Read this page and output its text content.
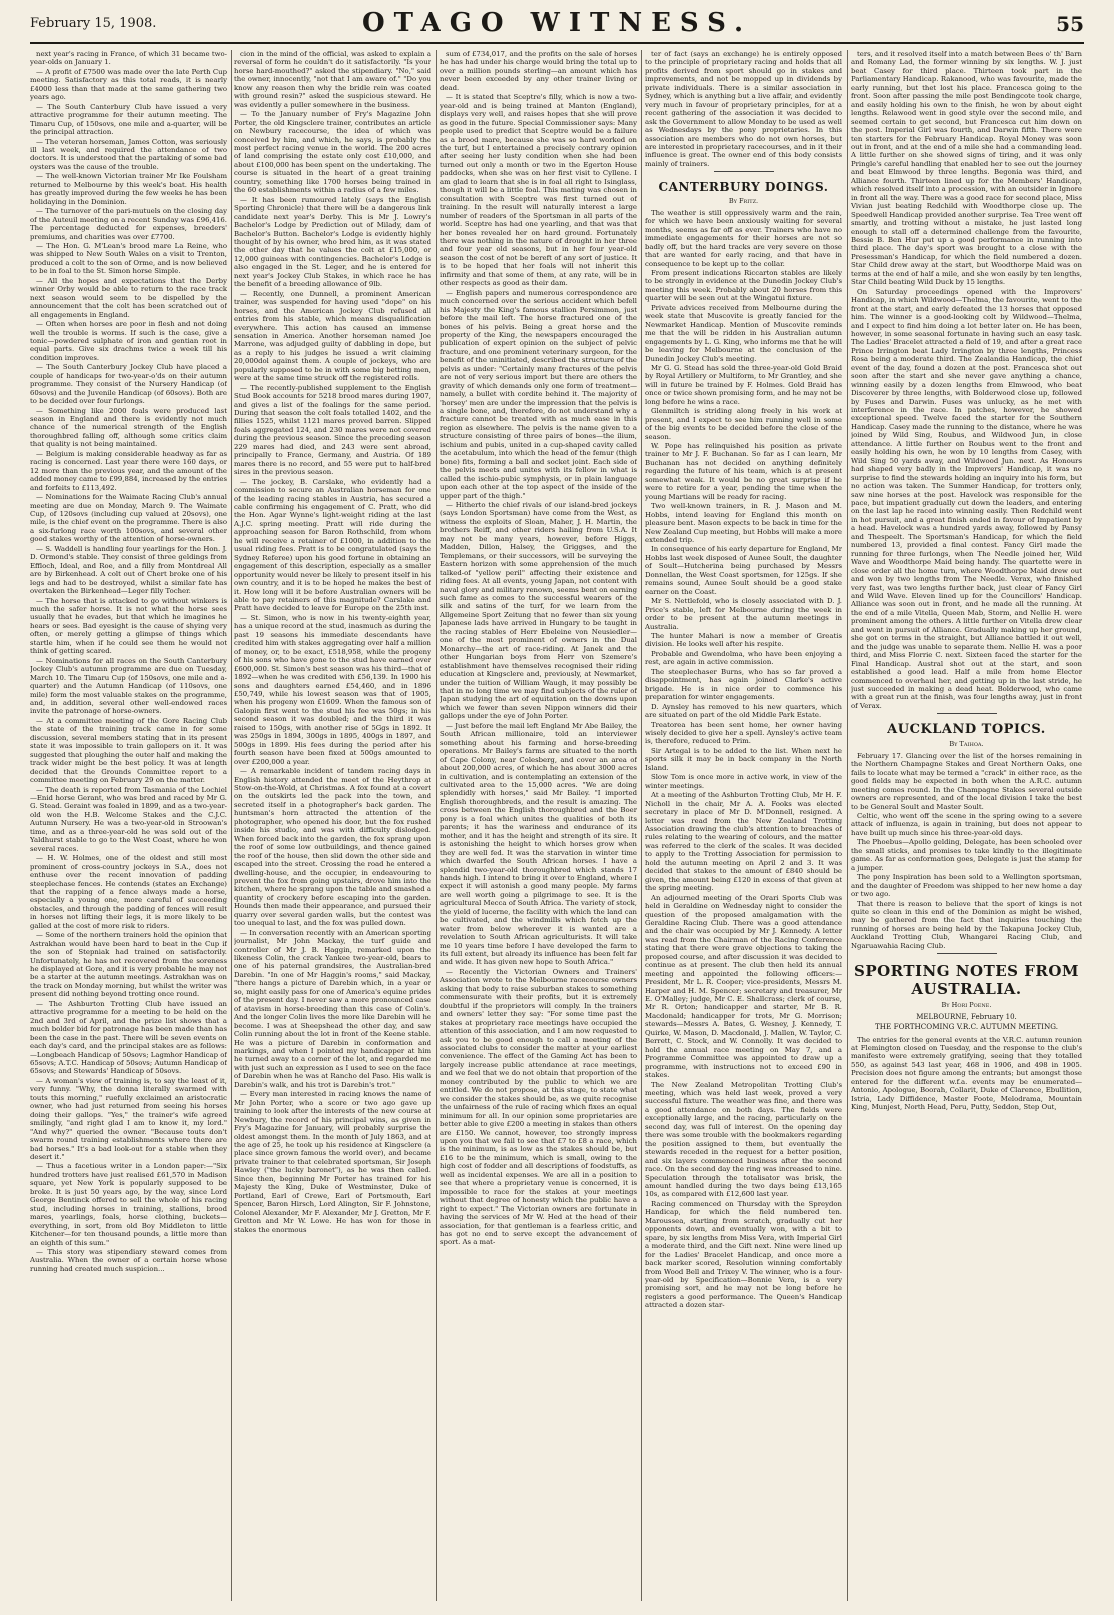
February 15, 1908.	OTAGO WITNESS.	55

next year's racing in France, of which 31 became two-year-olds on January 1.

— A profit of £7500 was made over the late Perth Cup meeting. Satisfactory as this total reads, it is nearly £4000 less than that made at the same gathering two years ago.

— The South Canterbury Club have issued a very attractive programme for their autumn meeting. The Timaru Cup, of 150sovs, one mile and a-quarter, will be the principal attraction.

— The veteran horseman, James Cotton, was seriously ill last week, and required the attendance of two doctors. It is understood that the partaking of some bad oysters was the cause of the trouble.

— The well-known Victorian trainer Mr Ike Foulsham returned to Melbourne by this week's boat. His health has greatly improved during the few weeks he has been holidaying in the Dominion.

— The turnover of the pari-mutuels on the closing day of the Auteuil meeting on a recent Sunday was £96,416. The percentage deducted for expenses, breeders' premiums, and charities was over £7700.

— The Hon. G. M'Lean's brood mare La Reine, who was shipped to New South Wales on a visit to Trenton, produced a colt to the son of Orme, and is now believed to be in foal to the St. Simon horse Simple.

— All the hopes and expectations that the Derby winner Orby would be able to return to the race track next season would seem to be dispelled by the announcement that the colt has been scratched out of all engagements in England.

— Often when horses are poor in flesh and not doing well the trouble is worms. If such is the case, give a tonic—powdered sulphate of iron and gentian root in equal parts. Give six drachms twice a week till his condition improves.

— The South Canterbury Jockey Club have placed a couple of handicaps for two-year-o'ds on their autumn programme. They consist of the Nursery Handicap (of 60sovs) and the Juvenile Handicap (of 60sovs). Both are to be decided over four furlongs.

— Something like 2000 foals were produced last season in England and there is evidently not much chance of the numerical strength of the English thoroughbred falling off, although some critics claim that quality is not being maintained.

— Belgium is making considerable headway as far as racing is concerned. Last year there were 160 days, or 12 more than the previous year, and the amount of the added money came to £99,884, increased by the entries and forfeits to £113,492.

— Nominations for the Waimate Racing Club's annual meeting are due on Monday, March 9. The Waimate Cup, of 120sovs (including cup valued at 20sovs), one mile, is the chief event on the programme. There is also a six-furlong race worth 100sovs, and several other good stakes worthy of the attention of horse-owners.

— S. Waddell is handling four yearlings for the Hon. J. D. Ormond's stable. They consist of three geldings from Effloch, Ideal, and Roe, and a filly from Montdreal All are by Birkenhead. A colt out of Chert broke one of his legs and had to be destroyed, whilst a similar fate has overtaken the Birkenhead—Leger filly Tocher.

— The horse that is attacked to go without winkers is much the safer horse. It is not what the horse sees usually that he evades, but that which he imagines he hears or sees. Bad eyesight is the cause of shying very often, or merely getting a glimpse of things which startle him, when if he could see them he would not think of getting scared.

— Nominations for all races on the South Canterbury Jockey Club's autumn programme are due on Tuesday, March 10. The Timaru Cup (of 150sovs, one mile and a-quarter) and the Autumn Handicap (of 110sovs, one mile) form the most valuable stakes on the programme, and, in addition, several other well-endowed races invite the patronage of horse-owners.

— At a committee meeting of the Gore Racing Club the state of the training track came in for some discussion, several members stating that in its present state it was impossible to train gallopers on it. It was suggested that ploughing the outer half and making the track wider might be the best policy. It was at length decided that the Grounds Committee report to a committee meeting on February 29 on the matter.

— The death is reported from Tasmania of the Lochiel—Enid horse Gerant, who was bred and raced by Mr G. G. Stead. Geraint was foaled in 1899, and as a two-year-old won the H.B. Welcome Stakes and the C.J.C. Autumn Nursery. He was a two-year-old in Stroowan's time, and as a three-year-old he was sold out of the Yaldhurst stable to go to the West Coast, where he won several races.

— H. W. Holmes, one of the oldest and still most prominent of cross-country jockeys in S.A., does not enthuse over the recent innovation of padding steeplechase fences. He contends (states an Exchange) that the rapping of a fence always made a horse, especially a young one, more careful of succeeding obstacles, and through the padding of fences will result in horses not lifting their legs, it is more likely to be galled at the cost of more risk to riders.

— Some of the northern trainers hold the opinion that Astrakhan would have been hard to beat in the Cup if the son of Stepniak had trained on satisfactorily. Unfortunately, he has not recovered from the soreness he displayed at Gore, and it is very probable he may not be a starter at the autumn meetings. Astrakhan was on the track on Monday morning, but whilst the writer was present did nothing beyond trotting once round.

— The Ashburton Trotting Club have issued an attractive programme for a meeting to be held on the 2nd and 3rd of April, and the prize list shows that a much bolder bid for patronage has been made than has been the case in the past. There will be seven events on each day's card, and the principal stakes are as follows:—Longbeach Handicap of 50sovs; Lagmhor Handicap of 65sovs; A.T.C. Handicap of 50sovs; Autumn Handicap of 65sovs; and Stewards' Handicap of 50sovs.

— A woman's view of training is, to say the least of it, very funny. "Why, the donna literally swarmed with touts this morning," ruefully exclaimed an aristocratic owner, who had just returned from seeing his horses doing their gallops. "Yes," the trainer's wife agreed smilingly, "and right glad I am to know it, my lord." "And why?" queried the owner. "Because touts don't swarm round training establishments where there are bad horses." It's a bad look-out for a stable when they desert it."

— Thus a facetious writer in a London paper:—"Six hundred trotters have just realised £61,570 in Madison square, yet New York is popularly supposed to be broke. It is just 50 years ago, by the way, since Lord George Bentinck offered to sell the whole of his racing stud, including horses in training, stallions, brood mares, yearlings, foals, horse clothing, buckets—everything, in sort, from old Boy Middleton to little Kitchener—for ten thousand pounds, a little more than an eighth of this sum."

— This story was stipendiary steward comes from Australia. When the owner of a certain horse whose running had created much suspicion...

cion in the mind of the official, was asked to explain a reversal of form he couldn't do it satisfactorily. "Is your horse hard-mouthed?" asked the stipendiary. "No," said the owner, innocently, "not that I am aware of." "Do you know any reason then why the bridle rein was coated with ground resin?" asked the suspicious steward. He was evidently a puller somewhere in the business.

— To the January number of Fry's Magazine John Porter, the old Kingsclere trainer, contributes an article on Newbury racecourse, the idea of which was conceived by him, and which, he says, is probably the most perfect racing venue in the world. The 200 acres of land comprising the estate only cost £10,000, and about £100,000 has been spent on the undertaking. The course is situated in the heart of a great training country, something like 1700 horses being trained in the 60 establishments within a radius of a few miles.

— It has been rumoured lately (says the English Sporting Chronicle) that there will be a dangerous link candidate next year's Derby. This is Mr J. Lowry's Bachelor's Lodge by Prediction out of Milady, dam of Bachelor's Button. Bachelor's Lodge is evidently highly thought of by his owner, who bred him, as it was stated the other day that he values the colt at £15,000, or 12,000 guineas with contingencies. Bachelor's Lodge is also engaged in the St. Leger, and he is entered for next year's Jockey Club Stakes, in which race he has the benefit of a breeding allowance of 9lb.

— Recently, one Dunnell, a prominent American trainer, was suspended for having used "dope" on his horses, and the American Jockey Club refused all entries from his stable, which means disqualification everywhere. This action has caused an immense sensation in America. Another horseman named Joe Marrone, was adjudged guilty of dabbling in dope, but as a reply to his judges he issued a writ claiming 20,000dol against them. A couple of jockeys, who are popularly supposed to be in with some big betting men, were at the same time struck off the registered rolls.

— The recently-published supplement to the English Stud Book accounts for 5218 brood mares during 1907, and gives a list of the foalings for the same period. During that season the colt foals totalled 1402, and the fillies 1525, whilst 1121 mares proved barren. Slipped foals aggregated 124, and 230 mares were not covered during the previous season. Since the preceding season 229 mares had died, and 243 were sent abroad, principally to France, Germany, and Austria. Of 189 mares there is no record, and 55 were put to half-bred sires in the previous season.

— The jockey, B. Carslake, who evidently had a commission to secure an Australian horseman for one of the leading racing stables in Austria, has secured a cable confirming his engagement of C. Pratt, who did the Hon. Agar Wynne's light-weight riding at the last A.J.C. spring meeting. Pratt will ride during the approaching season for Baron Rothschild, from whom he will receive a retainer of £1000, in addition to the usual riding fees. Pratt is to be congratulated (says the Sydney Referee) upon his good fortune in obtaining an engagement of this description, especially as a smaller opportunity would never be likely to present itself in his own country, and it is to be hoped he makes the best of it. How long will it be before Australian owners will be able to pay retainers of this magnitude? Carslake and Pratt have decided to leave for Europe on the 25th inst.

— St. Simon, who is now in his twenty-eighth year, has a unique record at the stud, inasmuch as during the past 19 seasons his immediate descendants have credited him with stakes aggregating over half a million of money, or, to be exact, £518,958, while the progeny of his sons who have gone to the stud have earned over £600,000. St. Simon's best season was his third—that of 1892—when he was credited with £56,139. In 1900 his sons and daughters earned £54,460, and in 1896 £50,749, while his lowest season was that of 1905, when his progeny won £1609. When the famous son of Galopin first went to the stud his fee was 50gs; in his second season it was doubled; and the third it was raised to 150gs, with another rise of 5Ggs in 1892. It was 250gs in 1894, 300gs in 1895, 400gs in 1897, and 500gs in 1899. His fees during the period after his fourth season have been fixed at 500gs amounted to over £200,000 a year.

— A remarkable incident of tandem racing days in English history attended the meet of the Heythrop at Stow-on-the-Wold, at Christmas. A fox found at a covert on the outskirts led the pack into the town, and secreted itself in a photographer's back garden. The huntsman's horn attracted the attention of the photographer, who opened his door, but the fox rushed inside his studio, and was with difficulty dislodged. When forced back into the garden, the fox sprang upon the roof of some low outbuildings, and thence gained the roof of the house, then slid down the other side and escaped into the street. Crossing the road he entered a dwelling-house, and the occupier, in endeavouring to prevent the fox from going upstairs, drove him into the kitchen, where he sprang upon the table and smashed a quantity of crockery before escaping into the garden. Hounds then made their appearance, and pursued their quarry over several garden walls, but the contest was too unequal to last, and the fox was pulled down.

— In conversation recently with an American sporting journalist, Mr John Mackay, the turf guide and controller of Mr J. B. Haggin, remarked upon the likeness Colin, the crack Yankee two-year-old, bears to one of his paternal grandsires, the Australian-bred Darebin. "In one of Mr Haggin's rooms," said Mackay, "there hangs a picture of Darebin which, in a year or so, might easily pass for one of America's equine prides of the present day. I never saw a more pronounced case of atavism in horse-breeding than this case of Colin's. And the longer Colin lives the more like Darebin will he become. I was at Sheepshead the other day, and saw Colin running about the lot in front of the Keene stable. He was a picture of Darebin in conformation and markings, and when I pointed my handicapper at him he turned away to a corner of the lot, and regarded me with just such an expression as I used to see on the face of Darebin when he was at Rancho del Paso. His walk is Darebin's walk, and his trot is Darebin's trot."

— Every man interested in racing knows the name of Mr John Porter, who a score or two ago gave up training to look after the interests of the new course at Newbury, the record of his principal wins, as given in Fry's Magazine for January, will probably surprise the oldest amongst them. In the month of July 1863, and at the age of 25, he took up his residence at Kingsclere (a place since grown famous the world over), and became private trainer to that celebrated sportsman, Sir Joseph Hawley ("the lucky baronet"), as he was then called. Since then, beginning Mr Porter has trained for his Majesty the King, Duke of Westminster, Duke of Portland, Earl of Crewe, Earl of Portsmouth, Earl Spencer, Baron Hirsch, Lord Alington, Sir F. Johnstone, Colonel Alexander, Mr F. Alexander, Mr J. Gretton, Mr F. Gretton and Mr W. Lowe. He has won for those in stakes the enormous

sum of £734,017, and the profits on the sale of horses he has had under his charge would bring the total up to over a million pounds sterling—an amount which has never been exceeded by any other trainer living or dead.

— It is stated that Sceptre's filly, which is now a two-year-old and is being trained at Manton (England), displays very well, and raises hopes that she will prove as good in the future. Special Commissioner says: Many people used to predict that Sceptre would be a failure as a brood mare, because she was so hard worked on the turf, but I entertained a precisely contrary opinion after seeing her lusty condition when she had been turned out only a month or two in the Egerton House paddocks, when she was on her first visit to Cyllene. I am glad to learn that she is in foal all right to Isinglass, though it will be a little foal. This mating was chosen in consultation with Sceptre was first turned out of training. In the result will naturally interest a large number of readers of the Sportsman in all parts of the world. Sceptre has had one yearling, and that was that her bones revealed her on hard ground. Fortunately there was nothing in the nature of drought in her three and four year old seasons, but in her four year-old season the cost of not be bereft of any sort of justice. It is to be hoped that her foals will not inherit this infirmity and that some of them, at any rate, will be in other respects as good as their dam.

— English papers and numerous correspondence are much concerned over the serious accident which befell his Majesty the King's famous stallion Persimmon, just before the mail left. The horse fractured one of the bones of his pelvis. Being a great horse and the property of the King, the newspapers encouraged the publication of expert opinion on the subject of pelvic fracture, and one prominent veterinary surgeon, for the benefit of the uninitiated, described the structure of the pelvis as under: "Certainly many fractures of the pelvis are not of very serious import but there are others the gravity of which demands only one form of treatment—namely, a bullet with cordite behind it. The majority of 'horsey' men are under the impression that the pelvis is a single bone, and, therefore, do not understand why a fracture cannot be treated with as much ease in this region as elsewhere. The pelvis is the name given to a structure consisting of three pairs of bones—the ilium, ischium and pubis, united in a cup-shaped cavity called the acetabulum, into which the head of the femur (thigh bone) fits, forming a ball and socket joint. Each side of the pelvis meets and unites with its fellow in what is called the ischio-pubic symphysis, or in plain language upon each other at the top aspect of the inside of the upper part of the thigh."

— Hitherto the chief rivals of our island-bred jockeys (says London Sportsman) have come from the West, as witness the exploits of Sloan, Maher, J. H. Martin, the brothers Reiff, and other riders hailing from U.S.A. It may not be many years, however, before Higgs, Madden, Dillon, Halsey, the Griggses, and the Templemans, or their successors, will be surveying the Eastern horizon with some apprehension of the much talked-of "yellow peril" affecting their existence and riding fees. At all events, young Japan, not content with naval glory and military renown, seems bent on earning such fame as comes to the successful wearers of the silk and satins of the turf, for we learn from the Allgemeine Sport Zeitung that no fewer than six young Japanese lads have arrived in Hungary to be taught in the racing stables of Herr Ebeleine von Neusiedler—one of the most prominent of owners in the Dual Monarchy—the art of race-riding. At Janek and the other Hungarian boys from Herr von Szemere's establishment have themselves recognised their riding education at Kingsclere and, previously, at Newmarket, under the tuition of William Waugh, it may possibly be that in no long time we may find subjects of the ruler of Japan studying the art of equitation on the downs upon which we fewer than seven Nippon winners did their gallops under the eye of John Porter.

— Just before the mail left England Mr Abe Bailey, the South African millionaire, told an interviewer something about his farming and horse-breeding operations. Mr Bailey's farms are situated to the north of Cape Colony, near Colesberg, and cover an area of about 200,000 acres, of which he has about 3000 acres in cultivation, and is contemplating an extension of the cultivated area to the 15,000 acres. "We are doing splendidly with horses," said Mr Bailey. "I imported English thoroughbreds, and the result is amazing. The cross between the English thoroughbred and the Boer pony is a foal which unites the qualities of both its parents; it has the wariness and endurance of its mother, and it has the height and strength of its sire. It is astonishing the height to which horses grow when they are well fed. It was the starvation in winter time which dwarfed the South African horses. I have a splendid two-year-old thoroughbred which stands 17 hands high. I intend to bring it over to England, where I expect it will astonish a good many people. My farms are well worth going a pilgrimage to see. It is the agricultural Mecca of South Africa. The variety of stock, the yield of lucerne, the facility with which the land can be cultivated, and the windmills which fetch up the water from below wherever it is wanted are a revelation to South African agriculturists. It will take me 10 years time before I have developed the farm to its full extent, but already its influence has been felt far and wide. It has given new hope to South Africa."

— Recently the Victorian Owners and Trainers' Association wrote to the Melbourne racecourse owners asking that body to raise suburban stakes to something commensurate with their profits, but it is extremely doubtful if the proprietors will comply. In the trainers and owners' letter they say: "For some time past the stakes at proprietary race meetings have occupied the attention of this association, and I am now requested to ask you to be good enough to call a meeting of the associated clubs to consider the matter at your earliest convenience. The effect of the Gaming Act has been to largely increase public attendance at race meetings, and we feel that we do not obtain that proportion of the money contributed by the public to which we are entitled. We do not propose, at this stage, to state what we consider the stakes should be, as we quite recognise the unfairness of the rule of racing which fixes an equal minimum for all. In our opinion some proprietaries are better able to give £200 a meeting in stakes than others are £150. We cannot, however, too strongly impress upon you that we fail to see that £7 to £8 a race, which is the minimum, is as low as the stakes should be, but £16 to be the minimum, which is small, owing to the high cost of fodder and all descriptions of foodstuffs, as well as incidental expenses. We are all in a position to see that where a proprietary venue is concerned, it is impossible to race for the stakes at your meetings without that degree of honesty which the public have a right to expect." The Victorian owners are fortunate in having the services of Mr W. Hed at the head of their association, for that gentleman is a fearless critic, and has got no end to serve except the advancement of sport. As a mat-

ter of fact (says an exchange) he is entirely opposed to the principle of proprietary racing and holds that all profits derived from sport should go in stakes and improvements, and not be mopped up in dividends by private individuals. There is a similar association in Sydney, which is anything but a live affair, and evidently very much in favour of proprietary principles, for at a recent gathering of the association it was decided to ask the Government to allow Monday to be used as well as Wednesdays by the pony proprietaries. In this association are members who do not own horses, but are interested in proprietary racecourses, and in it their influence is great. The owner end of this body consists mainly of trainers.

CANTERBURY DOINGS.
By Fritz.

The weather is still oppressively warm and the rain, for which we have been anxiously waiting for several months, seems as far off as ever. Trainers who have no immediate engagements for their horses are not so badly off, but the hard tracks are very severe on those that are wanted for early racing, and that have in consequence to be kept up to the collar.

From present indications Riccarton stables are likely to be strongly in evidence at the Dunedin Jockey Club's meeting this week. Probably about 20 horses from this quarter will be seen out at the Wingatui fixture.

Private advices received from Melbourne during the week state that Muscovite is greatly fancied for the Newmarket Handicap. Mention of Muscovite reminds me that the will be ridden in his Australian autumn engagements by L. G. King, who informs me that he will be leaving for Melbourne at the conclusion of the Dunedin Jockey Club's meeting.

Mr G. G. Stead has sold the three-year-old Gold Braid by Royal Artillery or Multiform, to Mr Grantley, and she will in future be trained by F. Holmes. Gold Braid has once or twice shown promising form, and he may not be long before he wins a race.

Glenmiltch is striding along freely in his work at present, and I expect to see him running well in some of the big events to be decided before the close of the season.

W. Pope has relinquished his position as private trainer to Mr J. F. Buchanan. So far as I can learn, Mr Buchanan has not decided on anything definitely regarding the future of his team, which is at present somewhat weak. It would be no great surprise if he were to retire for a year, pending the time when the young Martians will be ready for racing.

Two well-known trainers, in R. J. Mason and M. Hobbs, intend leaving for England this month on pleasure bent. Mason expects to be back in time for the New Zealand Cup meeting, but Hobbs will make a more extended trip.

In consequence of his early departure for England, Mr Hobbs last week disposed of Aunee Soult, the daughter of Soult—Hutcherina being purchased by Messrs Donnellan, the West Coast sportsmen, for 125gs. If she remains sound, Aunee Soult should be a good stake earner on the Coast.

Mr S. Nettlefold, who is closely associated with D. J. Price's stable, left for Melbourne during the week in order to be present at the autumn meetings in Australia.

The hunter Mahari is now a member of Greatis division. He looks well after his respite.

Probable and Gwendolma, who have been enjoying a rest, are again in active commission.

The steeplechaser Burns, who has so far proved a disappointment, has again joined Clarke's active brigade. He is in nice order to commence his preparation for winter engagements.

D. Aynsley has removed to his new quarters, which are situated on part of the old Middle Park Estate.

Treatorea has been sent home, her owner having wisely decided to give her a spell. Aynsley's active team is, therefore, reduced to Prim.

Sir Artegal is to be added to the list. When next he sports silk it may be in back company in the North Island.

Slow Tom is once more in active work, in view of the winter meetings.

At a meeting of the Ashburton Trotting Club, Mr H. F. Nicholl in the chair, Mr A. A. Fooks was elected secretary in place of Mr D. M'Donnell, resigned. A letter was read from the New Zealand Trotting Association drawing the club's attention to breaches of rules relating to the wearing of colours, and the matter was referred to the clerk of the scales. It was decided to apply to the Trotting Association for permission to hold the autumn meeting on April 2 and 3. It was decided that stakes to the amount of £840 should be given, the amount being £120 in excess of that given at the spring meeting.

An adjourned meeting of the Orari Sports Club was held in Geraldine on Wednesday night to consider the question of the proposed amalgamation with the Geraldine Racing Club. There was a good attendance and the chair was occupied by Mr J. Kennedy. A letter was read from the Chairman of the Racing Conference stating that there were grave objections to taking the proposed course, and after discussion it was decided to continue as at present. The club then held its annual meeting and appointed the following officers:—President, Mr L. R. Cooper; vice-presidents, Messrs M. Harper and H. M. Spencer; secretary and treasurer, Mr E. O'Malley; judge, Mr C. E. Shallcrass; clerk of course, Mr R. Orton; handicapper and starter, Mr B. R. Macdonald; handicapper for trots, Mr G. Morrison; stewards—Messrs A. Bates, G. Wesney, J. Kennedy, T. Quirke, W. Mason, D. Macdonald, J. Mallen, W. Taylor, C. Berrett, C. Stock, and W. Connolly. It was decided to hold the annual race meeting on May 7, and a Programme Committee was appointed to draw up a programme, with instructions not to exceed £90 in stakes.

The New Zealand Metropolitan Trotting Club's meeting, which was held last week, proved a very successful fixture. The weather was fine, and there was a good attendance on both days. The fields were exceptionally large, and the racing, particularly on the second day, was full of interest. On the opening day there was some trouble with the bookmakers regarding the position assigned to them, but eventually the stewards receded in the request for a better position, and six layers commenced business after the second race. On the second day the ring was increased to nine. Speculation through the totalisator was brisk, the amount handled during the two days being £13,165 10s, as compared with £12,600 last year.

Racing commenced on Thursday with the Spreydon Handicap, for which the field numbered ten. Maroussea, starting from scratch, gradually cut her opponents down, and eventually won, with a bit to spare, by six lengths from Miss Vera, with Imperial Girl a moderate third, and the Gift next. Nine were lined up for the Ladies' Bracelet Handicap, and once more a back marker scored, Resolution winning comfortably from Wood Bell and Trixey V. The winner, who is a four-year-old by Specification—Bonnie Vera, is a very promising sort, and he may not be long before he registers a good performance. The Queen's Handicap attracted a dozen star-

ters, and it resolved itself into a match between Bees o' th' Barn and Romany Lad, the former winning by six lengths. W. J. just beat Casey for third place. Thirteen took part in the Parliamentary Handicap. Rakanood, who was favourite, made the early running, but thet lost his place. Francesca going to the front. Soon after passing the mile post Bendingcote took charge, and easily holding his own to the finish, he won by about eight lengths. Relawood went in good style over the second mile, and seemed certain to get second, but Francesca cut him down on the post. Imperial Girl was fourth, and Darwin fifth. There were ten starters for the February Handicap. Royal Money was soon out in front, and at the end of a mile she had a commanding lead. A little further on she showed signs of tiring, and it was only Pringle's careful handling that enabled her to see out the journey and beat Elmwood by three lengths. Begonia was third, and Alliance fourth. Thirteen lined up for the Members' Handicap, which resolved itself into a procession, with an outsider in Ignore in front all the way. There was a good race for second place, Miss Vivian just beating Redchild with Woodthorpe close up. The Speedwell Handicap provided another surprise. Tea Tree went off smartly, and trotting without a mistake, he just lasted long enough to stall off a determined challenge from the favourite, Bessie B. Ben Hur put up a good performance in running into third place. The day's sport was brought to a close with the Presessman's Handicap, for which the field numbered a dozen. Star Child drew away at the start, but Woodthorpe Maid was on terms at the end of half a mile, and she won easily by ten lengths, Star Child beating Wild Duck by 15 lengths.

On Saturday proceedings opened with the Improvers' Handicap, in which Wildwood—Thelma, the favourite, went to the front at the start, and early defeated the 13 horses that opposed him. The winner is a good-looking colt by Wildwood—Thelma, and I expect to find him doing a lot better later on. He has been, however, in some seasonal fortunate in having such an easy task. The Ladies' Bracelet attracted a field of 19, and after a great race Prince Irrington beat Lady Irrington by three lengths, Princess Rosa being a moderate third. The Zealandia Handicap, the chief event of the day, found a dozen at the post. Francesca shot out soon after the start and she never gave anything a chance, winning easily by a dozen lengths from Elmwood, who beat Discoverer by three lengths, with Bolderwood close up, followed by Fuses and Darwin. Fuses was unlucky, as he met with interference in the race. In patches, however, he showed exceptional speed. Twelve faced the starter for the Southern Handicap. Casey made the running to the distance, where he was joined by Wild Sing, Roubus, and Wildwood Jun, in close attendance. A little further on Roubus went to the front and easily holding his own, he won by 10 lengths from Casey, with Wild Sing 50 yards away, and Wildwood Jun. next. As Honours had shaped very badly in the Improvers' Handicap, it was no surprise to find the stewards holding an inquiry into his form, but no action was taken. The Summer Handicap, for trotters only, saw nine horses at the post. Havelock was responsible for the pace, but impatient gradually cut down the leaders, and entering on the last lap he raced into winning easily. Then Redchild went in hot pursuit, and a great finish ended in favour of Impatient by a head. Havelock was a hundred yards away, followed by Pansy and Thespeelt. The Sportsman's Handicap, for which the field numbered 13, provided a final contest. Fancy Girl made the running for three furlongs, when The Needle joined her, Wild Wave and Woodthorpe Maid being handy. The quartette were in close order all the home turn, where Woodthorpe Maid drew out and won by two lengths from The Needle. Verax, who finished very fast, was two lengths further back, just clear of Fancy Girl and Wild Wave. Eleven lined up for the Councillors' Handicap. Alliance was soon out in front, and he made all the running. At the end of a mile Vitella, Queen Mab, Storm, and Nellie H. were prominent among the others. A little further on Vitella drew clear and went in pursuit of Alliance. Gradually making up her ground, she got on terms in the straight, but Alliance battled it out well, and the judge was unable to separate them. Nellie H. was a poor third, and Miss Florrie C. next. Sixteen faced the starter for the Final Handicap. Austral shot out at the start, and soon established a good lead. Half a mile from home Elector commenced to overhaul her, and getting up in the last stride, he just succeeded in making a dead heat. Bolderwood, who came with a great run at the finish, was four lengths away, just in front of Verax.

AUCKLAND TOPICS.
By Taihoa.

February 17. Glancing over the list of the horses remaining in the Northern Champagne Stakes and Great Northern Oaks, one fails to locate what may be termed a "crack" in either race, as the good fields may be expected in both when the A.R.C. autumn meeting comes round. In the Champagne Stakes several outside owners are represented, and of the local division I take the best to be General Soult and Master Soult.

Celtic, who went off the scene in the spring owing to a severe attack of influenza, is again in training, but does not appear to have built up much since his three-year-old days.

The Phoebus—Apollo gelding, Delegate, has been schooled over the small sticks, and promises to take kindly to the illegitimate game. As far as conformation goes, Delegate is just the stamp for a jumper.

The pony Inspiration has been sold to a Wellington sportsman, and the daughter of Freedom was shipped to her new home a day or two ago.

That there is reason to believe that the sport of kings is not quite so clean in this end of the Dominion as might be wished, may be gathered from the fact that inquiries touching the running of horses are being held by the Takapuna Jockey Club, Auckland Trotting Club, Whangarei Racing Club, and Ngaruawahia Racing Club.

SPORTING NOTES FROM AUSTRALIA.
By Hori Poene.
MELBOURNE, February 10.
THE FORTHCOMING V.R.C. AUTUMN MEETING.

The entries for the general events at the V.R.C. autumn reunion at Flemington closed on Tuesday, and the response to the club's manifesto were extremely gratifying, seeing that they totalled 550, as against 543 last year, 468 in 1906, and 498 in 1905. Precision does not figure among the entrants; but amongst those entered for the different w.f.a. events may be enumerated—Antonio, Apologue, Boorah, Collarit, Duke of Clarence, Ebullition, Istria, Lady Diffidence, Master Foote, Melodrama, Mountain King, Munjest, North Head, Peru, Putty, Seddon, Step Out,
